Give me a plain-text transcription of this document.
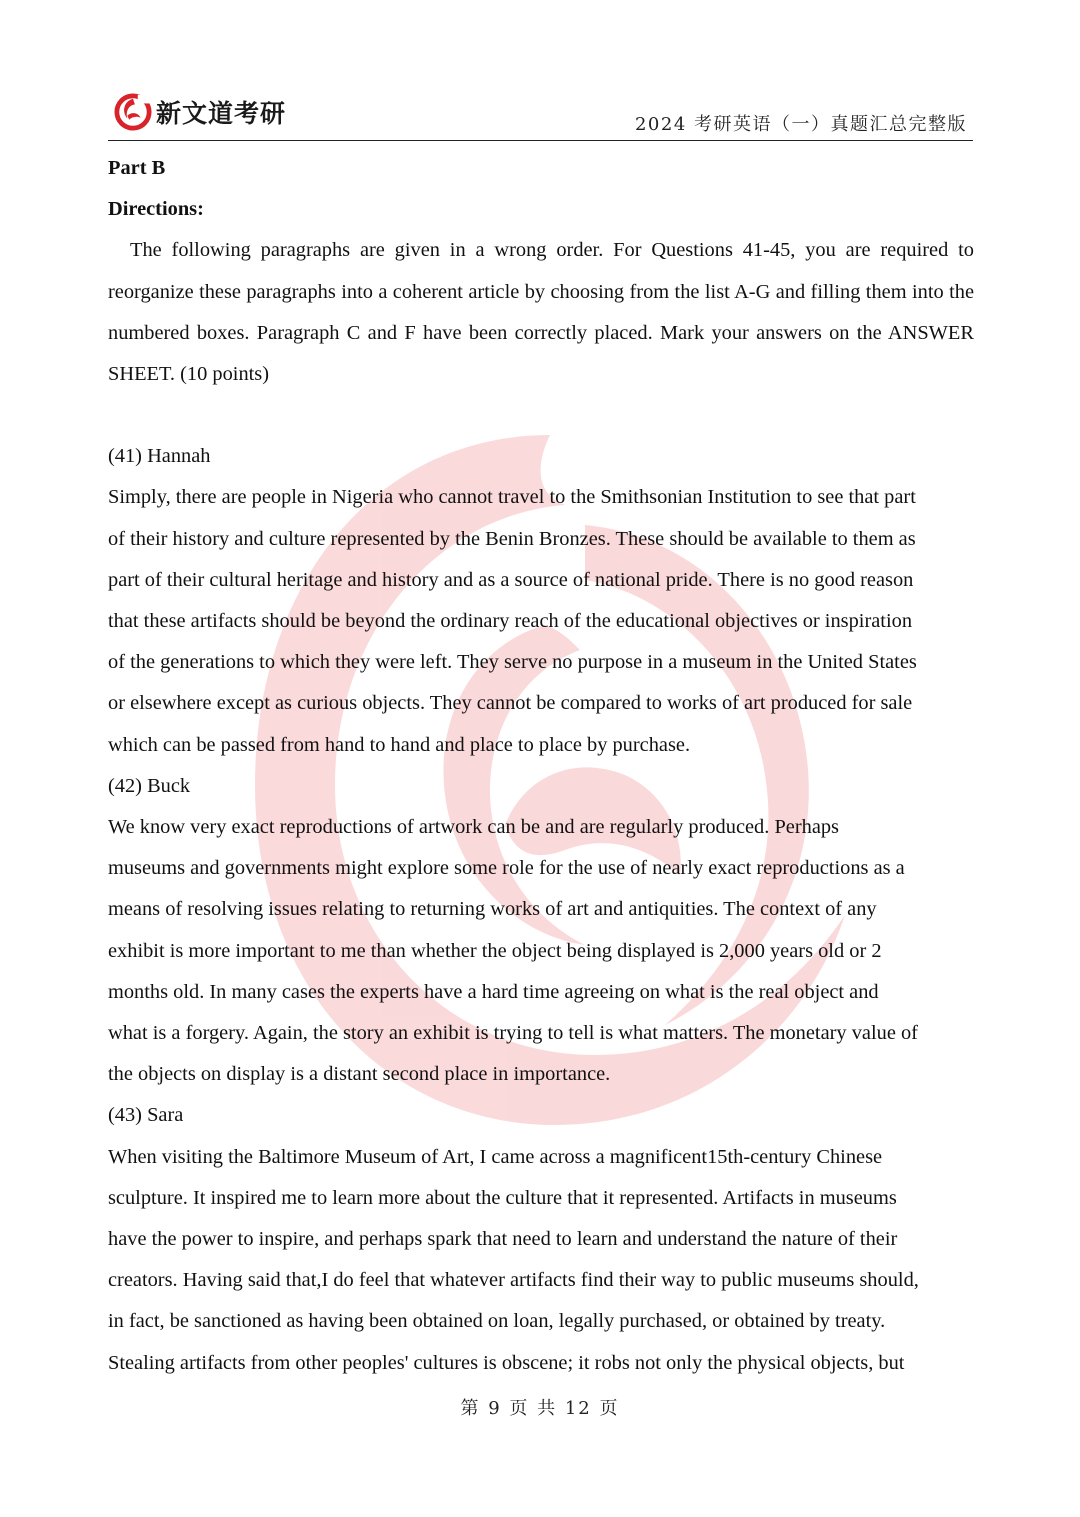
新文道考研	2024 考研英语（一）真题汇总完整版
Part B
Directions:

The following paragraphs are given in a wrong order. For Questions 41-45, you are required to reorganize these paragraphs into a coherent article by choosing from the list A-G and filling them into the numbered boxes. Paragraph C and F have been correctly placed. Mark your answers on the ANSWER SHEET. (10 points)

(41) Hannah
Simply, there are people in Nigeria who cannot travel to the Smithsonian Institution to see that part
of their history and culture represented by the Benin Bronzes. These should be available to them as
part of their cultural heritage and history and as a source of national pride. There is no good reason
that these artifacts should be beyond the ordinary reach of the educational objectives or inspiration
of the generations to which they were left. They serve no purpose in a museum in the United States
or elsewhere except as curious objects. They cannot be compared to works of art produced for sale
which can be passed from hand to hand and place to place by purchase.
(42) Buck
We know very exact reproductions of artwork can be and are regularly produced. Perhaps
museums and governments might explore some role for the use of nearly exact reproductions as a
means of resolving issues relating to returning works of art and antiquities. The context of any
exhibit is more important to me than whether the object being displayed is 2,000 years old or 2
months old. In many cases the experts have a hard time agreeing on what is the real object and
what is a forgery. Again, the story an exhibit is trying to tell is what matters. The monetary value of
the objects on display is a distant second place in importance.
(43) Sara
When visiting the Baltimore Museum of Art, I came across a magnificent15th-century Chinese
sculpture. It inspired me to learn more about the culture that it represented. Artifacts in museums
have the power to inspire, and perhaps spark that need to learn and understand the nature of their
creators. Having said that,I do feel that whatever artifacts find their way to public museums should,
in fact, be sanctioned as having been obtained on loan, legally purchased, or obtained by treaty.
Stealing artifacts from other peoples' cultures is obscene; it robs not only the physical objects, but
第 9 页 共 12 页
